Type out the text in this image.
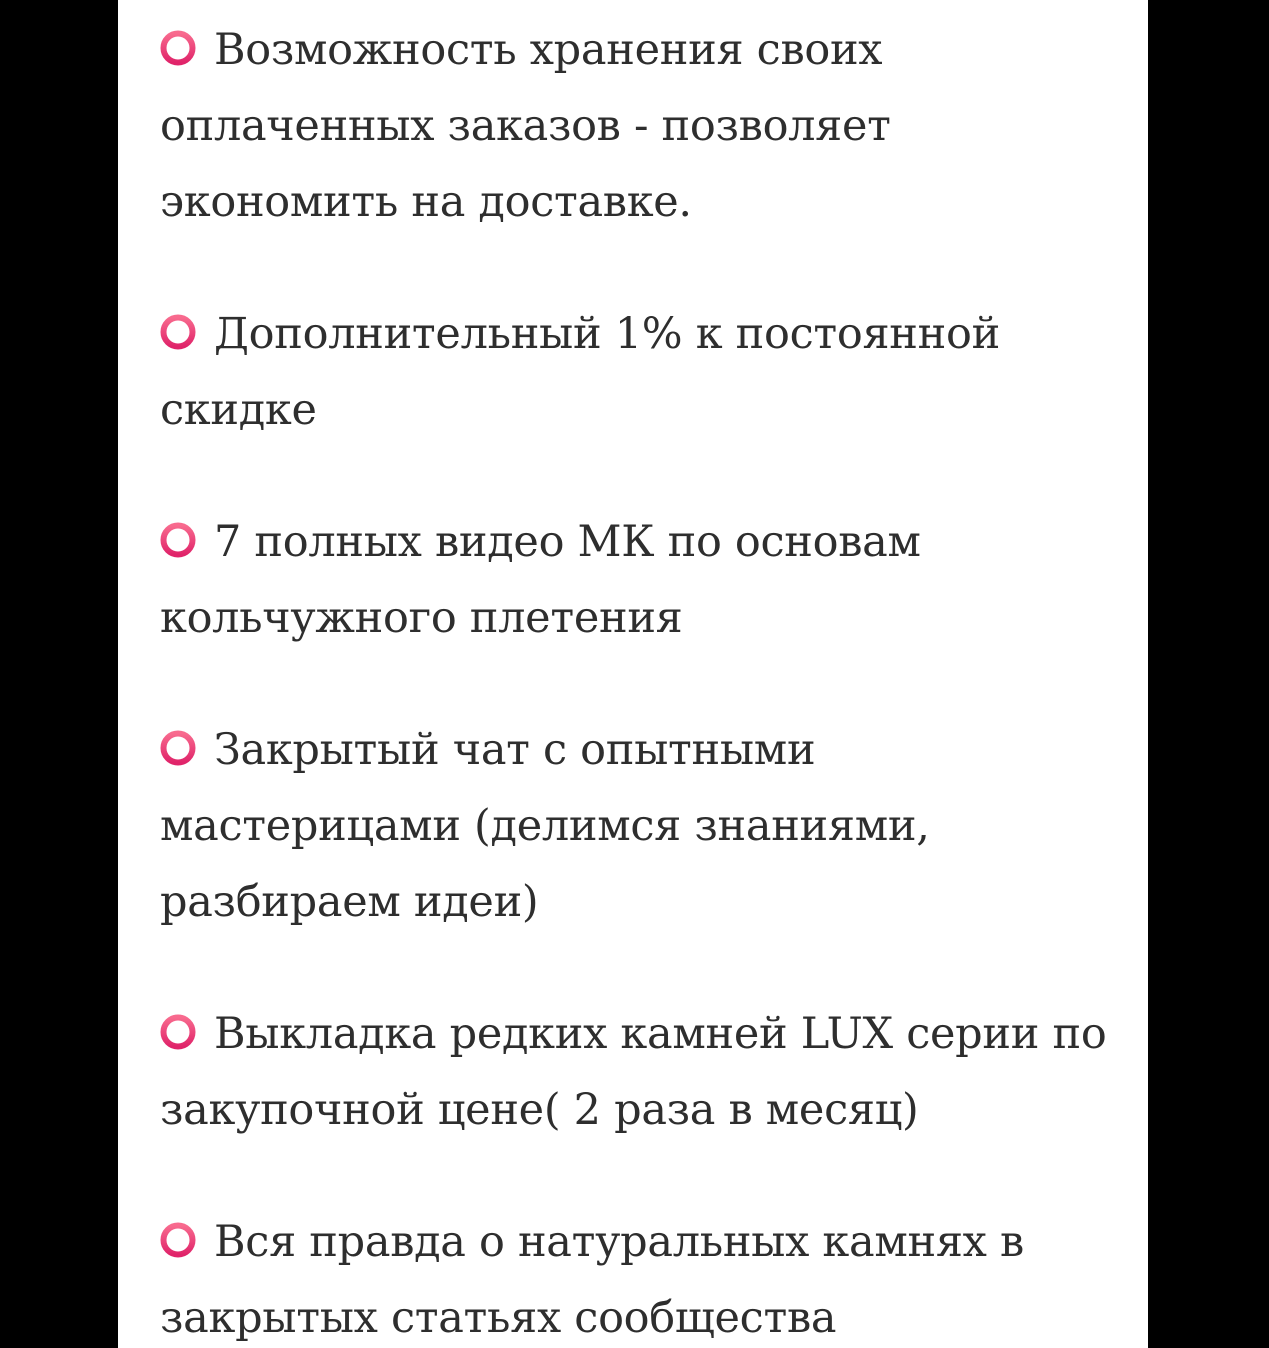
Возможность хранения своих оплаченных заказов - позволяет экономить на доставке.
Дополнительный 1% к постоянной скидке
7 полных видео МК по основам кольчужного плетения
Закрытый чат с опытными мастерицами (делимся знаниями, разбираем идеи)
Выкладка редких камней LUX серии по закупочной цене( 2 раза в месяц)
Вся правда о натуральных камнях в закрытых статьях сообщества
